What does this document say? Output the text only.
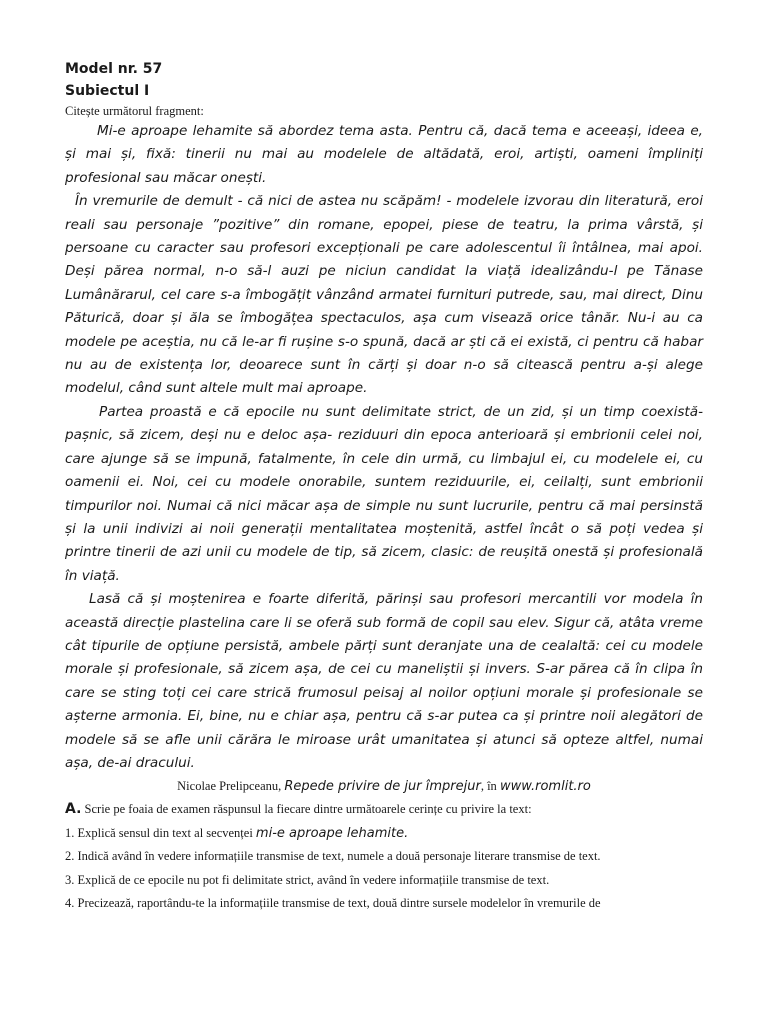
Model nr. 57

Subiectul I

Citește următorul fragment:

Mi-e aproape lehamite să abordez tema asta. Pentru că, dacă tema e aceeași, ideea e, și mai și, fixă: tinerii nu mai au modelele de altădată, eroi, artiști, oameni împliniți profesional sau măcar onești.

În vremurile de demult - că nici de astea nu scăpăm! - modelele izvorau din literatură, eroi reali sau personaje ”pozitive” din romane, epopei, piese de teatru, la prima vârstă, și persoane cu caracter sau profesori excepționali pe care adolescentul îi întâlnea, mai apoi. Deși părea normal, n-o să-l auzi pe niciun candidat la viață idealizându-l pe Tănase Lumânărarul, cel care s-a îmbogățit vânzând armatei furnituri putrede, sau, mai direct, Dinu Păturică, doar și ăla se îmbogățea spectaculos, așa cum visează orice tânăr. Nu-i au ca modele pe aceștia, nu că le-ar fi rușine s-o spună, dacă ar ști că ei există, ci pentru că habar nu au de existența lor, deoarece sunt în cărți și doar n-o să citească pentru a-și alege modelul, când sunt altele mult mai aproape.

Partea proastă e că epocile nu sunt delimitate strict, de un zid, și un timp coexistă-pașnic, să zicem, deși nu e deloc așa- reziduuri din epoca anterioară și embrionii celei noi, care ajunge să se impună, fatalmente, în cele din urmă, cu limbajul ei, cu modelele ei, cu oamenii ei. Noi, cei cu modele onorabile, suntem reziduurile, ei, ceilalți, sunt embrionii timpurilor noi. Numai că nici măcar așa de simple nu sunt lucrurile, pentru că mai persinstă și la unii indivizi ai noii generații mentalitatea moștenită, astfel încât o să poți vedea și printre tinerii de azi unii cu modele de tip, să zicem, clasic: de reușită onestă și profesională în viață.

Lasă că și moștenirea e foarte diferită, părinși sau profesori mercantili vor modela în această direcție plastelina care li se oferă sub formă de copil sau elev. Sigur că, atâta vreme cât tipurile de opțiune persistă, ambele părți sunt deranjate una de cealaltă: cei cu modele morale și profesionale, să zicem așa, de cei cu maneliștii și invers. S-ar părea că în clipa în care se sting toți cei care strică frumosul peisaj al noilor opțiuni morale și profesionale se așterne armonia. Ei, bine, nu e chiar așa, pentru că s-ar putea ca și printre noii alegători de modele să se afle unii cărăra le miroase urât umanitatea și atunci să opteze altfel, numai așa, de-ai dracului.

Nicolae Prelipceanu, Repede privire de jur împrejur, în www.romlit.ro

A. Scrie pe foaia de examen răspunsul la fiecare dintre următoarele cerințe cu privire la text:

1. Explică sensul din text al secvenței mi-e aproape lehamite.

2. Indică având în vedere informațiile transmise de text, numele a două personaje literare transmise de text.

3. Explică de ce epocile nu pot fi delimitate strict, având în vedere informațiile transmise de text.

4. Precizează, raportându-te la informațiile transmise de text, două dintre sursele modelelor în vremurile de
